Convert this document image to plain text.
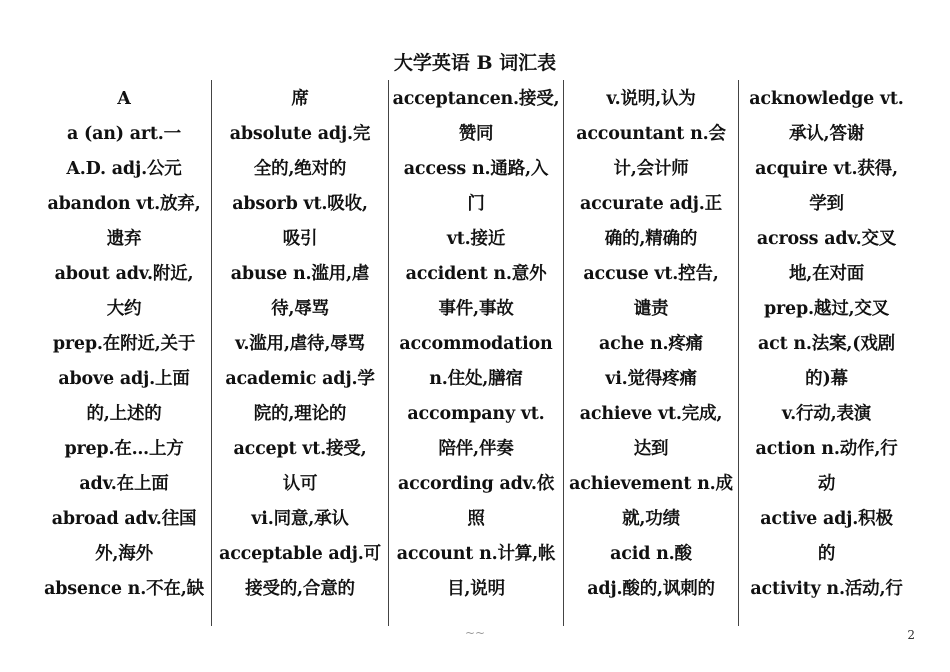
大学英语 B 词汇表
A
a (an) art.一
A.D. adj.公元
abandon vt.放弃,
遗弃
about adv.附近,
大约
prep.在附近,关于
above adj.上面
的,上述的
prep.在…上方
adv.在上面
abroad adv.往国
外,海外
absence n.不在,缺
席
absolute adj.完
全的,绝对的
absorb vt.吸收,
吸引
abuse n.滥用,虐
待,辱骂
v.滥用,虐待,辱骂
academic adj.学
院的,理论的
accept vt.接受,
认可
vi.同意,承认
acceptable adj.可
接受的,合意的
acceptancen.接受,
赞同
access n.通路,入
门
vt.接近
accident n.意外
事件,事故
accommodation
n.住处,膳宿
accompany vt.
陪伴,伴奏
according adv.依
照
account n.计算,帐
目,说明
v.说明,认为
accountant n.会
计,会计师
accurate adj.正
确的,精确的
accuse vt.控告,
谴责
ache n.疼痛
vi.觉得疼痛
achieve vt.完成,
达到
achievement n.成
就,功绩
acid n.酸
adj.酸的,讽刺的
acknowledge vt.
承认,答谢
acquire vt.获得,
学到
across adv.交叉
地,在对面
prep.越过,交叉
act n.法案,(戏剧
的)幕
v.行动,表演
action n.动作,行
动
active adj.积极
的
activity n.活动,行
~~	2
